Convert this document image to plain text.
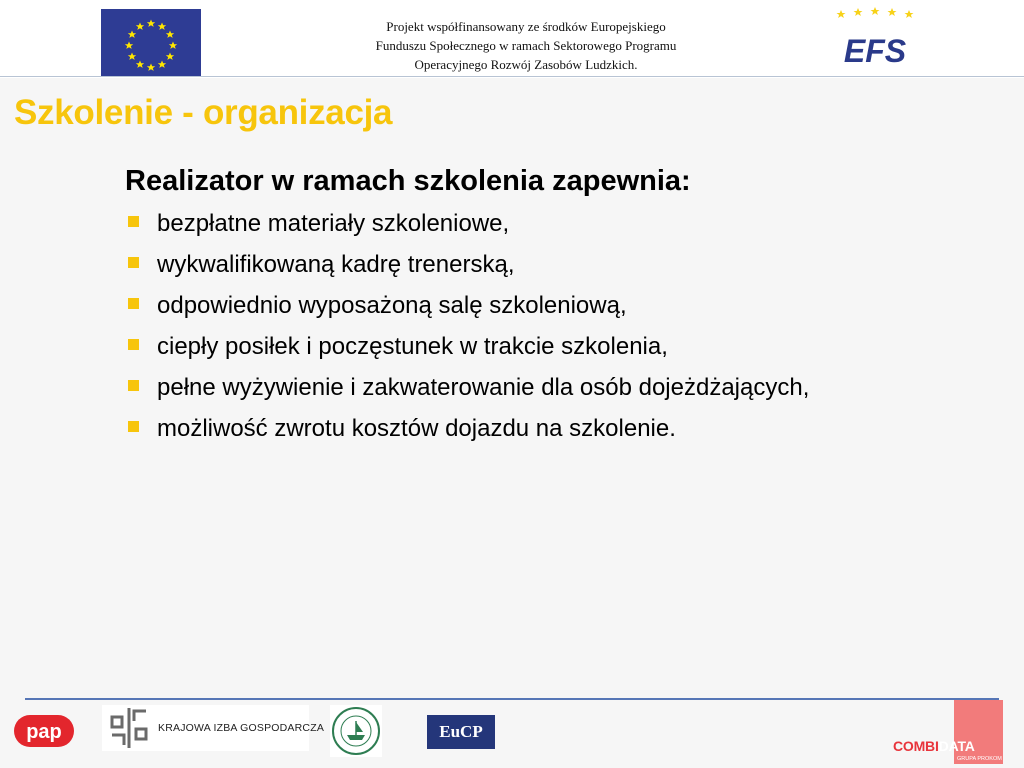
Projekt współfinansowany ze środków Europejskiego
Funduszu Społecznego w ramach Sektorowego Programu
Operacyjnego Rozwój Zasobów Ludzkich.	EFS
Szkolenie - organizacja
Realizator w ramach szkolenia zapewnia:
bezpłatne materiały szkoleniowe,
wykwalifikowaną kadrę trenerską,
odpowiednio wyposażoną salę szkoleniową,
ciepły posiłek i poczęstunek w trakcie szkolenia,
pełne wyżywienie i zakwaterowanie dla osób dojeżdżających,
możliwość zwrotu kosztów dojazdu na szkolenie.
pap	KRAJOWA IZBA GOSPODARCZA	EuCP
COMBIDATA
GRUPA PROKOM
